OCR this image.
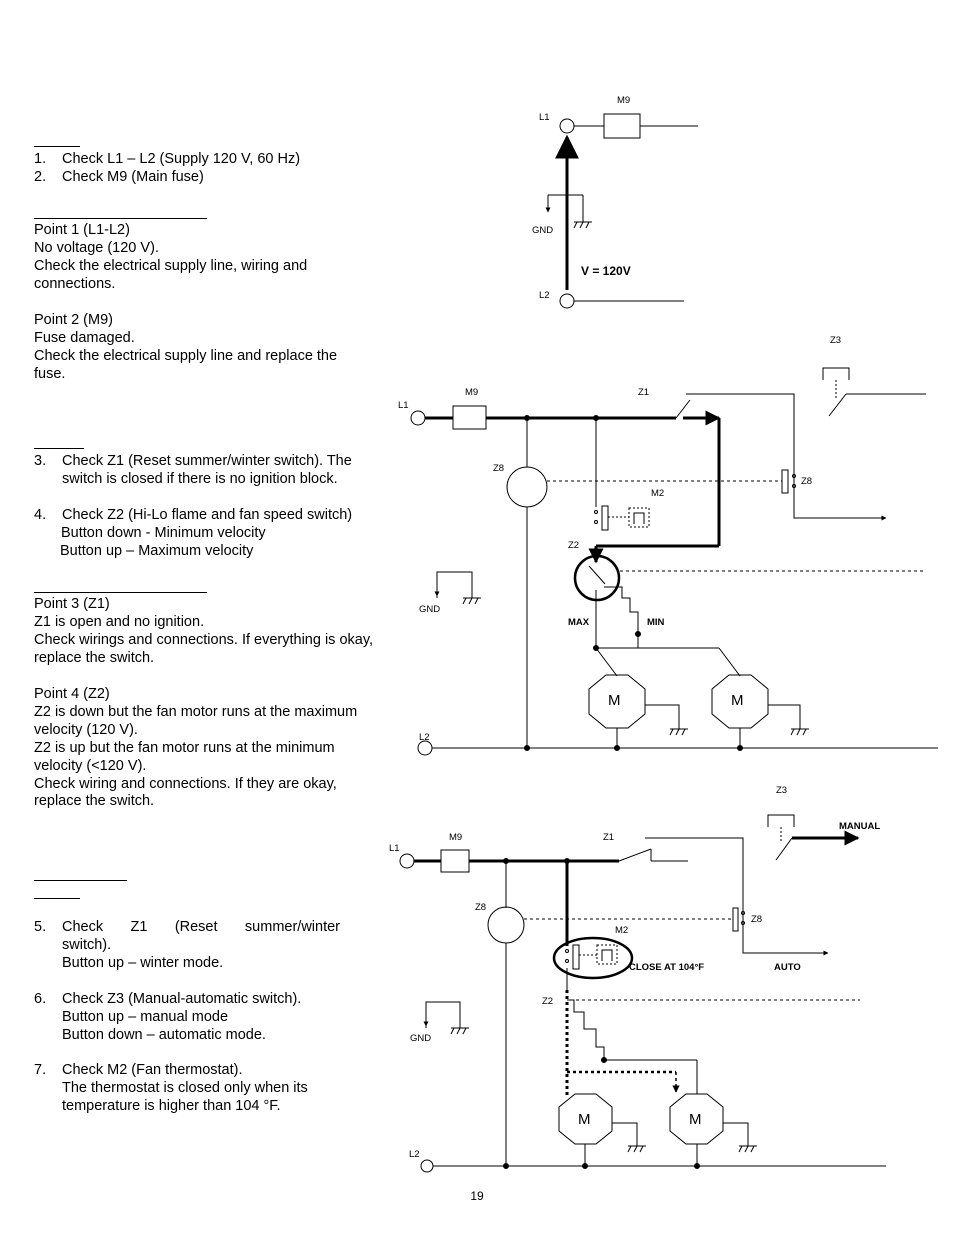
1. Check L1 – L2 (Supply 120 V, 60 Hz)
2. Check M9 (Main fuse)
Point 1 (L1-L2)
No voltage (120 V).
Check the electrical supply line, wiring and
connections.
Point 2 (M9)
Fuse damaged.
Check the electrical supply line and replace the
fuse.
3. Check Z1 (Reset summer/winter switch). The
switch is closed if there is no ignition block.
4. Check Z2 (Hi-Lo flame and fan speed switch)
Button down - Minimum velocity
Button up – Maximum velocity
Point 3 (Z1)
Z1 is open and no ignition.
Check wirings and connections. If everything is okay,
replace the switch.
Point 4 (Z2)
Z2 is down but the fan motor runs at the maximum
velocity (120 V).
Z2 is up but the fan motor runs at the minimum
velocity (<120 V).
Check wiring and connections. If they are okay,
replace the switch.
5.	Check Z1 (Reset summer/winter
switch).
Button up – winter mode.
6. Check Z3 (Manual-automatic switch).
Button up – manual mode
Button down – automatic mode.
7. Check M2 (Fan thermostat).
The thermostat is closed only when its
temperature is higher than 104 °F.
L1
M9
GND
V = 120V
L2
Z3
L1
M9	Z1
Z8
Z8
M2
Z2
MAX	MIN
M	M
GND
L2
Z3
MANUAL
L1
M9	Z1
AUTO
Z8
Z8
M2
CLOSE AT 104°F
Z2
M	M
GND
L2
19
